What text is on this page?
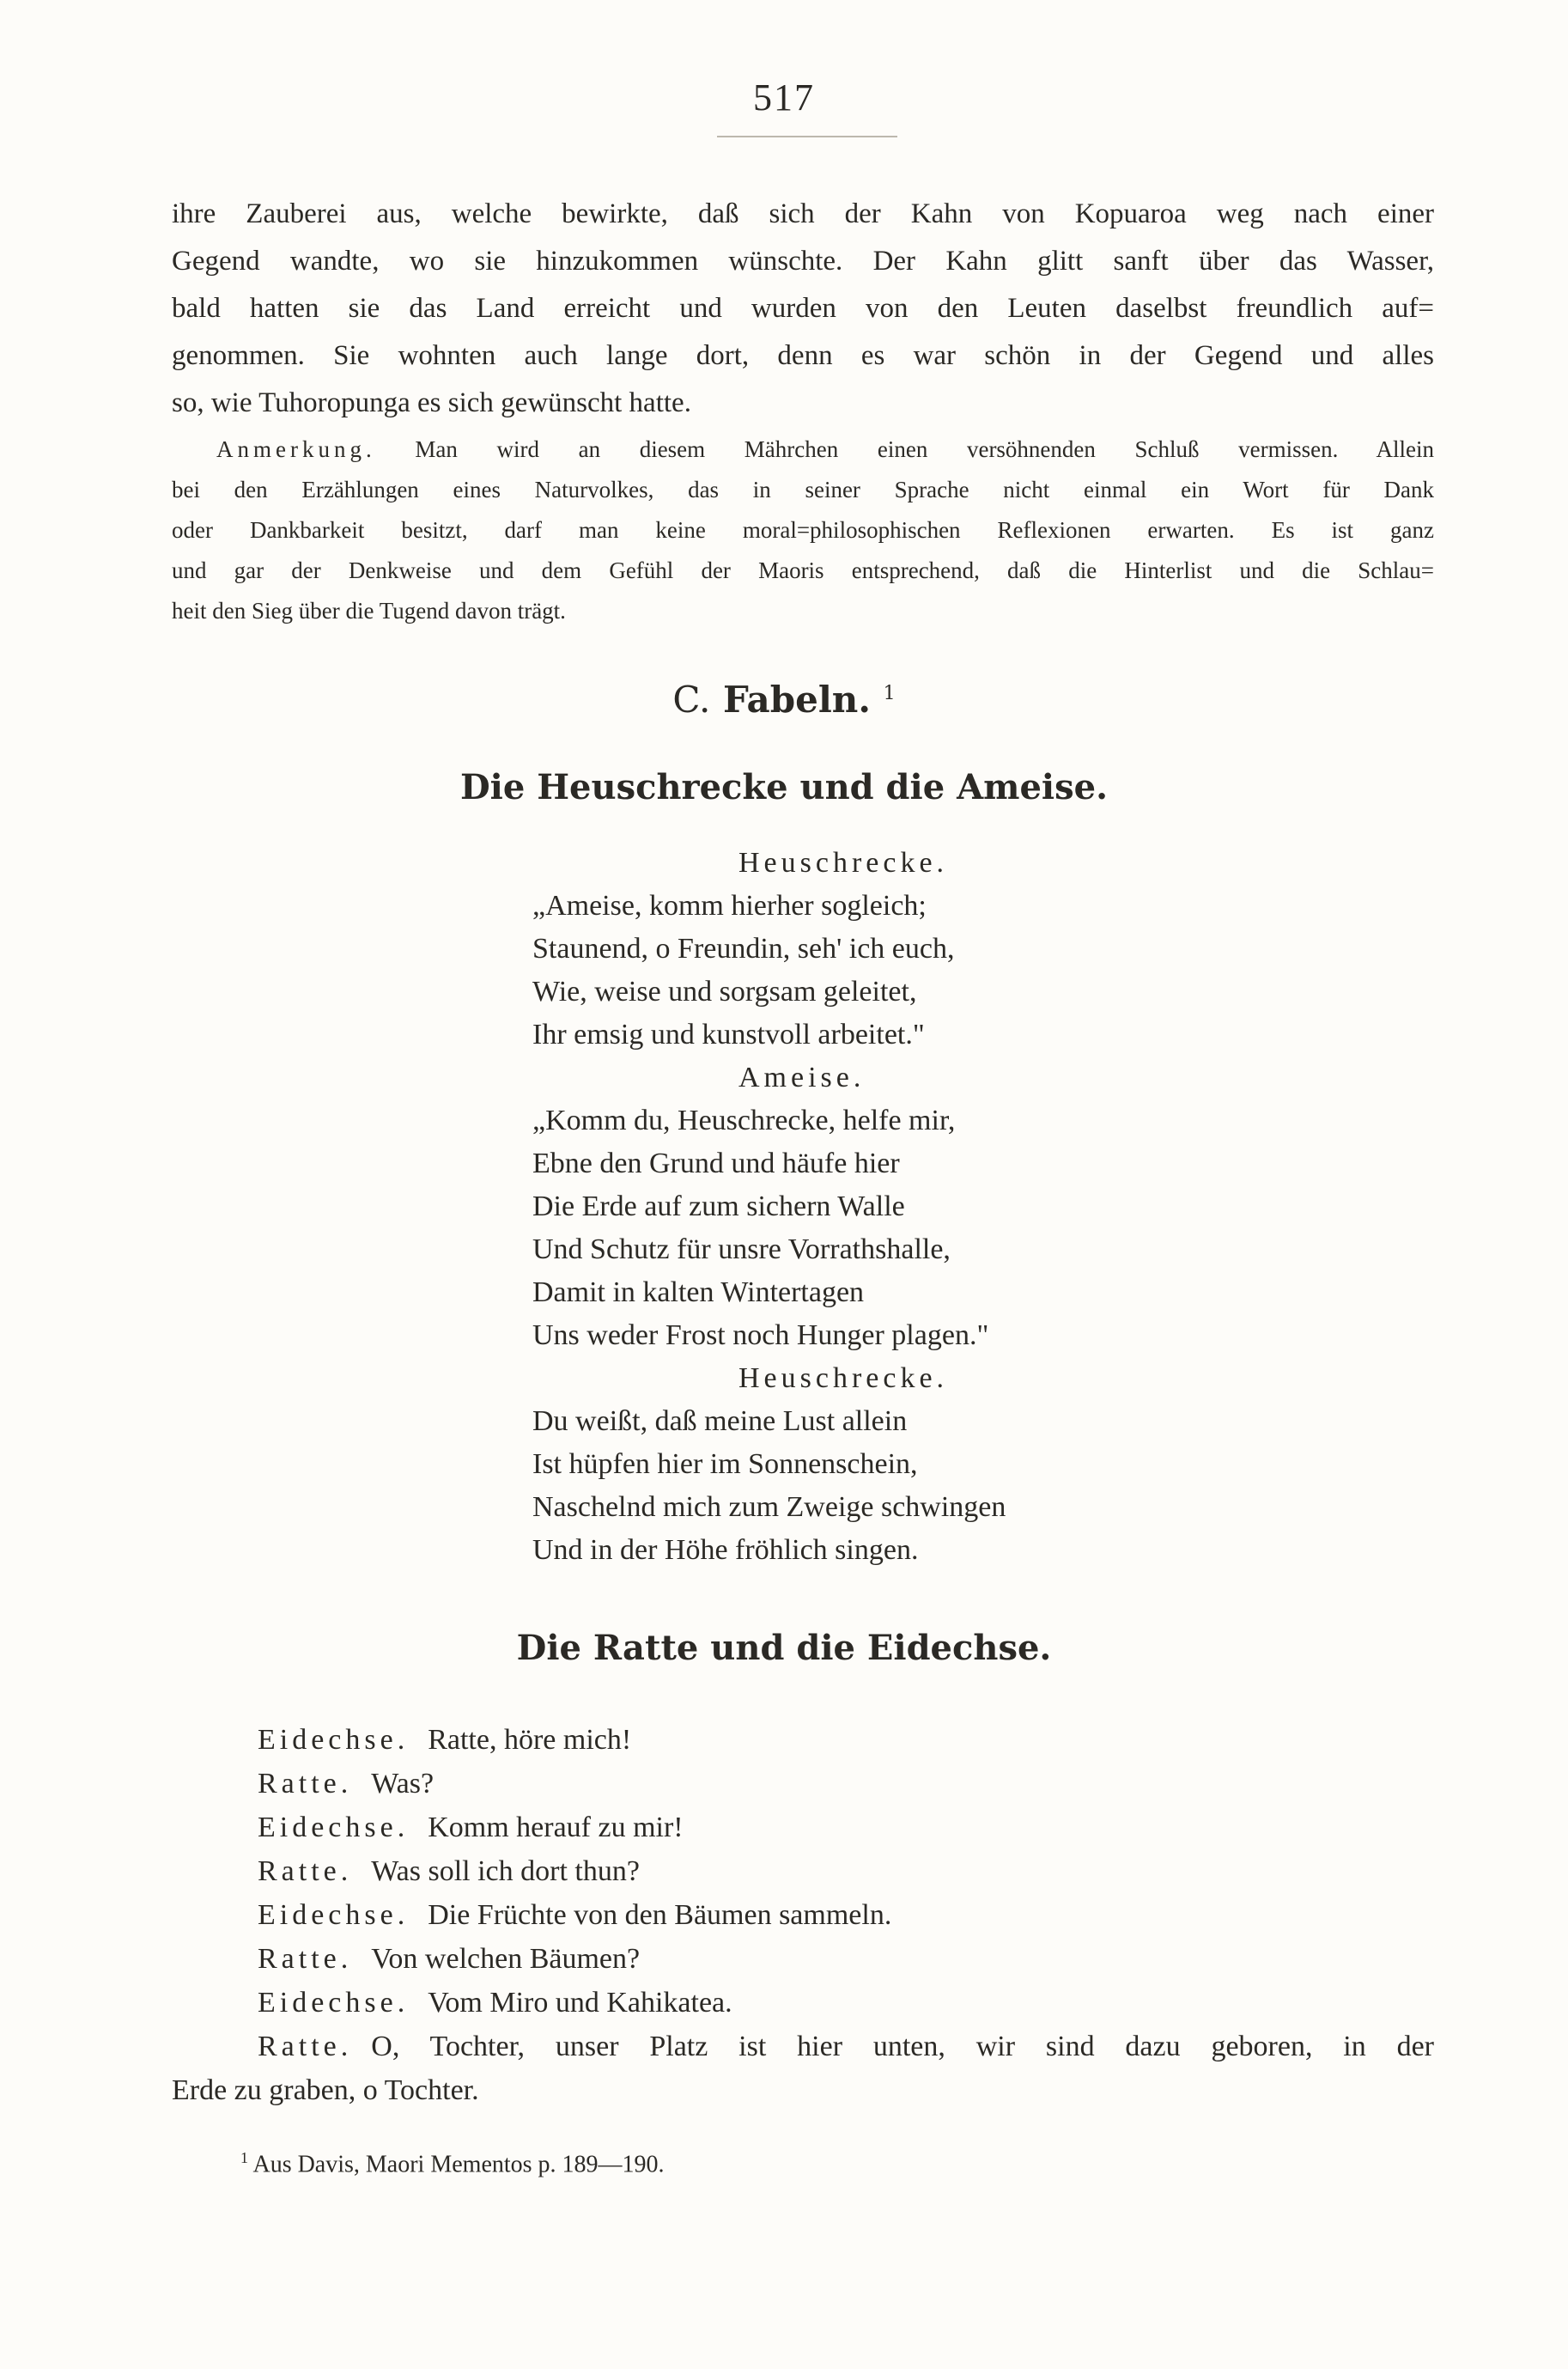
517

ihre Zauberei aus, welche bewirkte, daß sich der Kahn von Kopuaroa weg nach einer

Gegend wandte, wo sie hinzukommen wünschte. Der Kahn glitt sanft über das Wasser,

bald hatten sie das Land erreicht und wurden von den Leuten daselbst freundlich auf=

genommen. Sie wohnten auch lange dort, denn es war schön in der Gegend und alles

so, wie Tuhoropunga es sich gewünscht hatte.

Anmerkung. Man wird an diesem Mährchen einen versöhnenden Schluß vermissen. Allein
bei den Erzählungen eines Naturvolkes, das in seiner Sprache nicht einmal ein Wort für Dank
oder Dankbarkeit besitzt, darf man keine moral=philosophischen Reflexionen erwarten. Es ist ganz
und gar der Denkweise und dem Gefühl der Maoris entsprechend, daß die Hinterlist und die Schlau=
heit den Sieg über die Tugend davon trägt.
C. Fabeln. $^1$
Die Heuschrecke und die Ameise.
Heuschrecke.
„Ameise, komm hierher sogleich;
Staunend, o Freundin, seh' ich euch,
Wie, weise und sorgsam geleitet,
Ihr emsig und kunstvoll arbeitet."
Ameise.
„Komm du, Heuschrecke, helfe mir,
Ebne den Grund und häufe hier
Die Erde auf zum sichern Walle
Und Schutz für unsre Vorrathshalle,
Damit in kalten Wintertagen
Uns weder Frost noch Hunger plagen."
Heuschrecke.
Du weißt, daß meine Lust allein
Ist hüpfen hier im Sonnenschein,
Naschelnd mich zum Zweige schwingen
Und in der Höhe fröhlich singen.
Die Ratte und die Eidechse.
Eidechse. Ratte, höre mich!
Ratte. Was?
Eidechse. Komm herauf zu mir!
Ratte. Was soll ich dort thun?
Eidechse. Die Früchte von den Bäumen sammeln.
Ratte. Von welchen Bäumen?
Eidechse. Vom Miro und Kahikatea.
Ratte. O, Tochter, unser Platz ist hier unten, wir sind dazu geboren, in der
Erde zu graben, o Tochter.
$^1$ Aus Davis, Maori Mementos p. 189—190.
